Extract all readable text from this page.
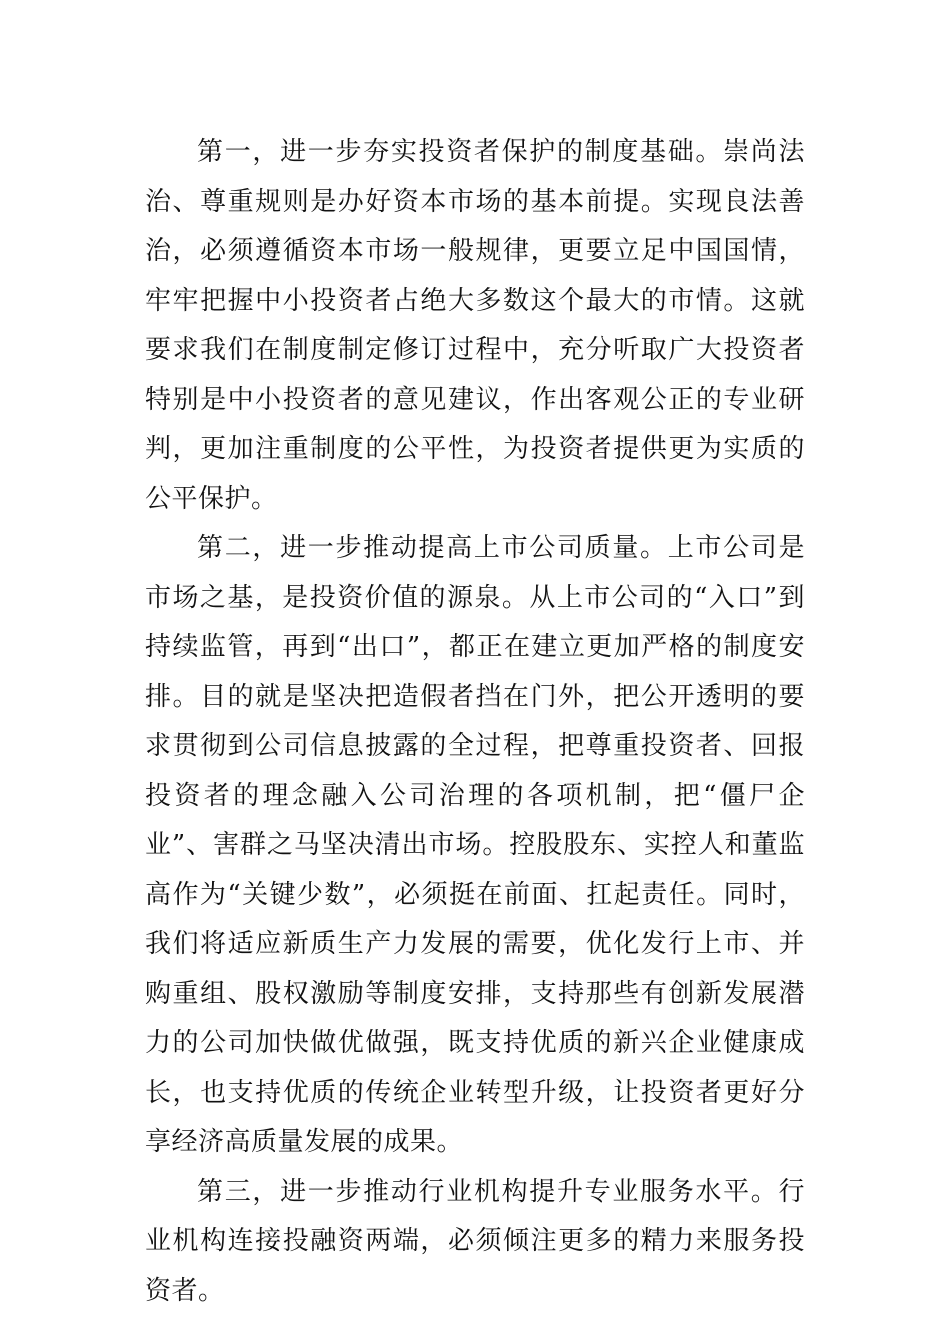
第一，进一步夯实投资者保护的制度基础。崇尚法治、尊重规则是办好资本市场的基本前提。实现良法善治，必须遵循资本市场一般规律，更要立足中国国情，牢牢把握中小投资者占绝大多数这个最大的市情。这就要求我们在制度制定修订过程中，充分听取广大投资者特别是中小投资者的意见建议，作出客观公正的专业研判，更加注重制度的公平性，为投资者提供更为实质的公平保护。

第二，进一步推动提高上市公司质量。上市公司是市场之基，是投资价值的源泉。从上市公司的“入口”到持续监管，再到“出口”，都正在建立更加严格的制度安排。目的就是坚决把造假者挡在门外，把公开透明的要求贯彻到公司信息披露的全过程，把尊重投资者、回报投资者的理念融入公司治理的各项机制，把“僵尸企业”、害群之马坚决清出市场。控股股东、实控人和董监高作为“关键少数”，必须挺在前面、扛起责任。同时，我们将适应新质生产力发展的需要，优化发行上市、并购重组、股权激励等制度安排，支持那些有创新发展潜力的公司加快做优做强，既支持优质的新兴企业健康成长，也支持优质的传统企业转型升级，让投资者更好分享经济高质量发展的成果。

第三，进一步推动行业机构提升专业服务水平。行业机构连接投融资两端，必须倾注更多的精力来服务投资者。
